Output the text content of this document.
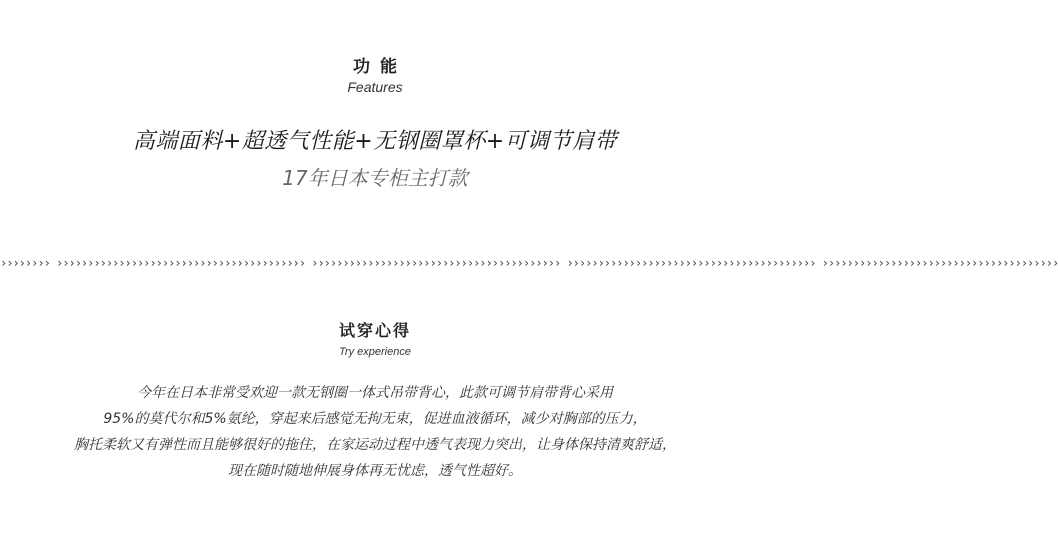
功能
Features
高端面料+超透气性能+无钢圈罩杯+可调节肩带
17年日本专柜主打款
›››››››› ›››››››››››››››››››››››››››››››››››››››› ›››››››››››››››››››››››››››››››››››››››› ›››››››››››››››››››››››››››››››››››››››› ››››››››››››››››››››››››››››››››››››››
试穿心得
Try experience
今年在日本非常受欢迎一款无钢圈一体式吊带背心，此款可调节肩带背心采用
95%的莫代尔和5%氨纶，穿起来后感觉无拘无束，促进血液循环，减少对胸部的压力，
胸托柔软又有弹性而且能够很好的拖住，在家运动过程中透气表现力突出，让身体保持清爽舒适，
现在随时随地伸展身体再无忧虑，透气性超好。
